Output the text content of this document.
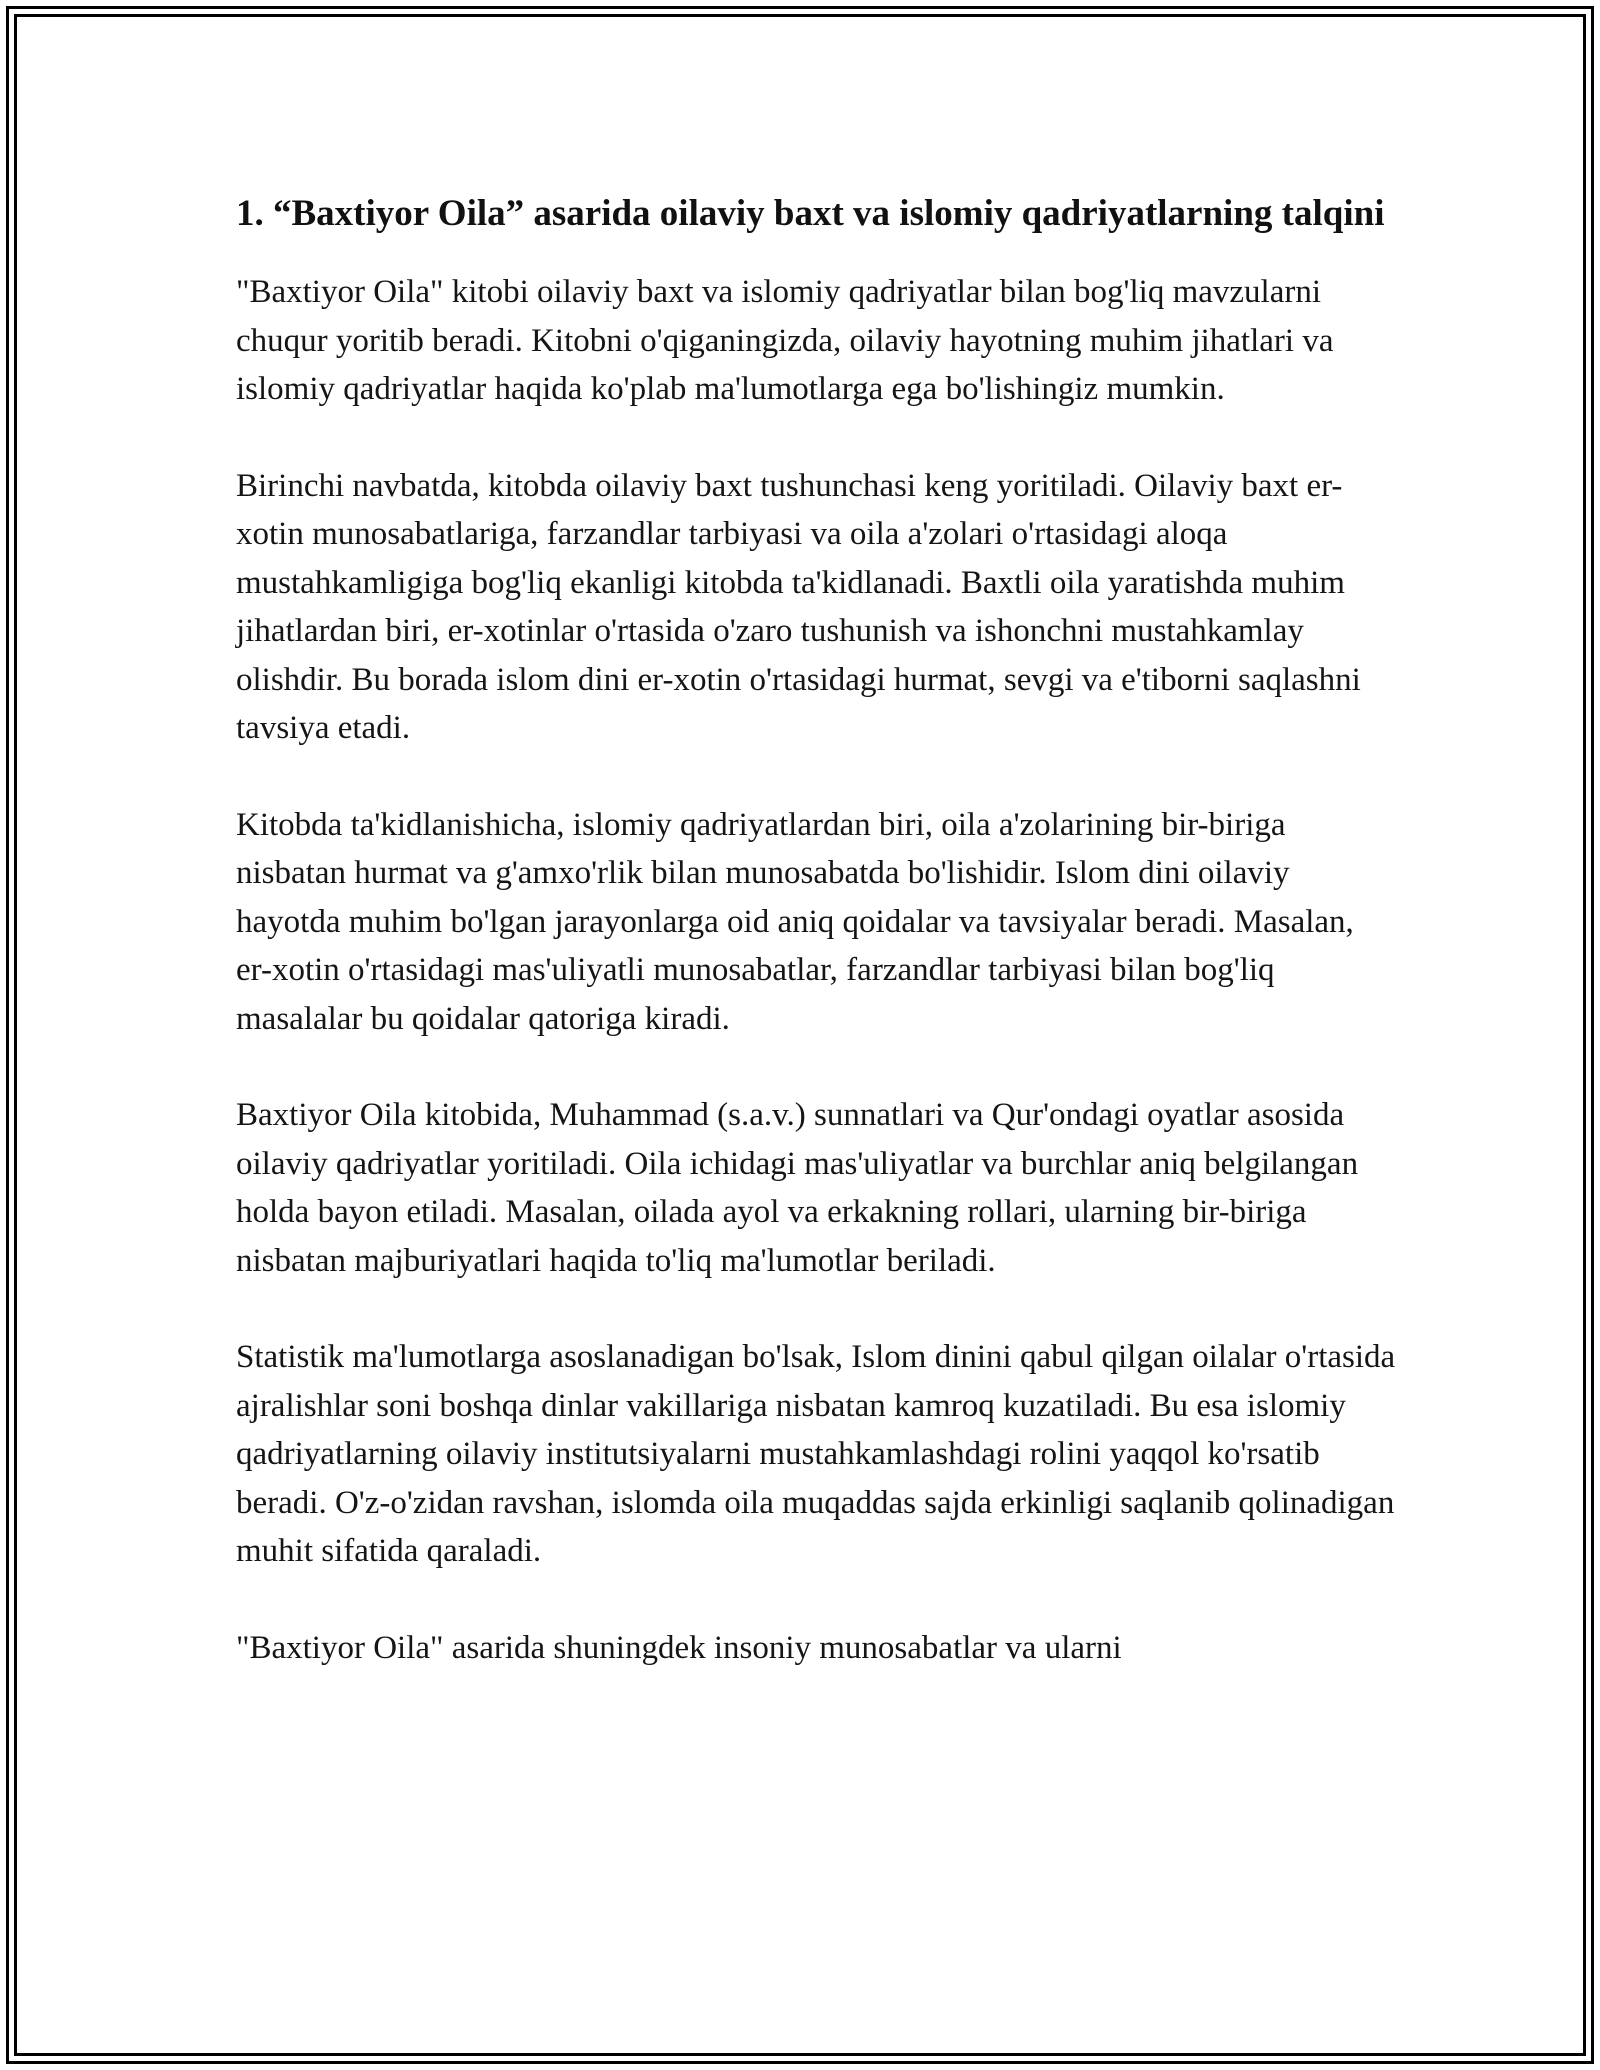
1. “Baxtiyor Oila” asarida oilaviy baxt va islomiy qadriyatlarning talqini

"Baxtiyor Oila" kitobi oilaviy baxt va islomiy qadriyatlar bilan bog'liq mavzularni chuqur yoritib beradi. Kitobni o'qiganingizda, oilaviy hayotning muhim jihatlari va islomiy qadriyatlar haqida ko'plab ma'lumotlarga ega bo'lishingiz mumkin.

Birinchi navbatda, kitobda oilaviy baxt tushunchasi keng yoritiladi. Oilaviy baxt er-xotin munosabatlariga, farzandlar tarbiyasi va oila a'zolari o'rtasidagi aloqa mustahkamligiga bog'liq ekanligi kitobda ta'kidlanadi. Baxtli oila yaratishda muhim jihatlardan biri, er-xotinlar o'rtasida o'zaro tushunish va ishonchni mustahkamlay olishdir. Bu borada islom dini er-xotin o'rtasidagi hurmat, sevgi va e'tiborni saqlashni tavsiya etadi.

Kitobda ta'kidlanishicha, islomiy qadriyatlardan biri, oila a'zolarining bir-biriga nisbatan hurmat va g'amxo'rlik bilan munosabatda bo'lishidir. Islom dini oilaviy hayotda muhim bo'lgan jarayonlarga oid aniq qoidalar va tavsiyalar beradi. Masalan, er-xotin o'rtasidagi mas'uliyatli munosabatlar, farzandlar tarbiyasi bilan bog'liq masalalar bu qoidalar qatoriga kiradi.

Baxtiyor Oila kitobida, Muhammad (s.a.v.) sunnatlari va Qur'ondagi oyatlar asosida oilaviy qadriyatlar yoritiladi. Oila ichidagi mas'uliyatlar va burchlar aniq belgilangan holda bayon etiladi. Masalan, oilada ayol va erkakning rollari, ularning bir-biriga nisbatan majburiyatlari haqida to'liq ma'lumotlar beriladi.

Statistik ma'lumotlarga asoslanadigan bo'lsak, Islom dinini qabul qilgan oilalar o'rtasida ajralishlar soni boshqa dinlar vakillariga nisbatan kamroq kuzatiladi. Bu esa islomiy qadriyatlarning oilaviy institutsiyalarni mustahkamlashdagi rolini yaqqol ko'rsatib beradi. O'z-o'zidan ravshan, islomda oila muqaddas sajda erkinligi saqlanib qolinadigan muhit sifatida qaraladi.

"Baxtiyor Oila" asarida shuningdek insoniy munosabatlar va ularni
